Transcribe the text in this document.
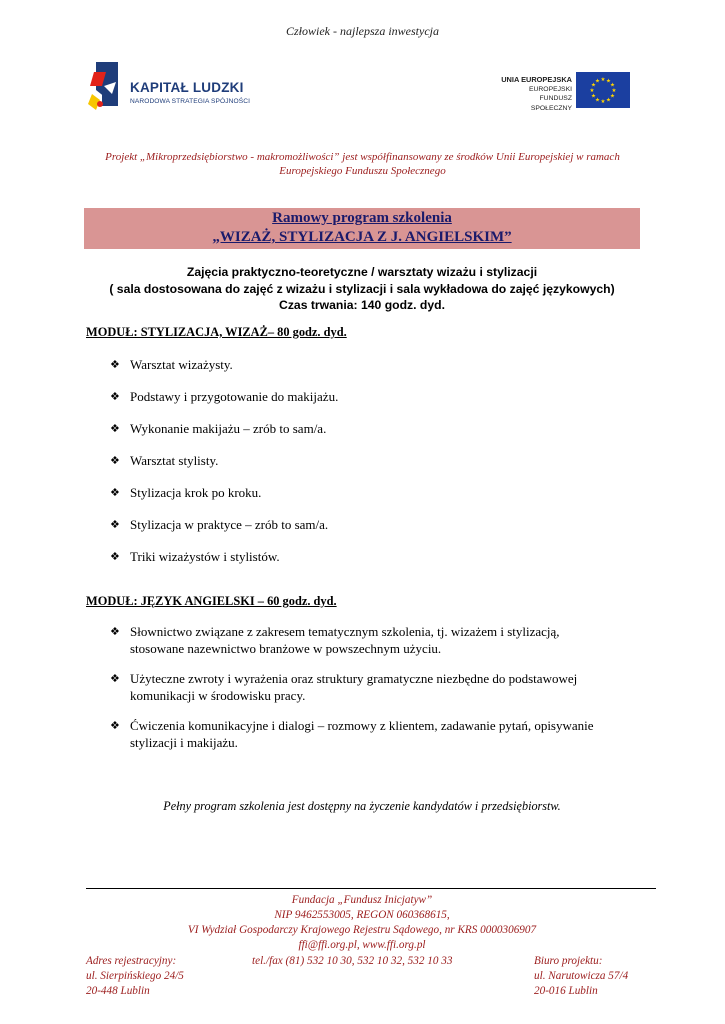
Człowiek - najlepsza inwestycja
KAPITAŁ LUDZKI
NARODOWA STRATEGIA SPÓJNOŚCI
UNIA EUROPEJSKA
EUROPEJSKI
FUNDUSZ SPOŁECZNY
★ ★
★
★
★
★
★
★
★
★
★
★
Projekt „Mikroprzedsiębiorstwo - makromożliwości” jest współfinansowany ze środków Unii Europejskiej w ramach
Europejskiego Funduszu Społecznego
Ramowy program szkolenia
„WIZAŻ, STYLIZACJA Z J. ANGIELSKIM”
Zajęcia praktyczno-teoretyczne / warsztaty wizażu i stylizacji
( sala dostosowana do zajęć z wizażu i stylizacji i sala wykładowa do zajęć językowych)
Czas trwania: 140 godz. dyd.
MODUŁ: STYLIZACJA, WIZAŻ– 80 godz. dyd.
❖ Warsztat wizażysty.
❖ Podstawy i przygotowanie do makijażu.
❖ Wykonanie makijażu – zrób to sam/a.
❖ Warsztat stylisty.
❖ Stylizacja krok po kroku.
❖ Stylizacja w praktyce – zrób to sam/a.
❖ Triki wizażystów i stylistów.
MODUŁ: JĘZYK ANGIELSKI – 60 godz. dyd.
❖ Słownictwo związane z zakresem tematycznym szkolenia, tj. wizażem i stylizacją,
stosowane nazewnictwo branżowe w powszechnym użyciu.
❖ Użyteczne zwroty i wyrażenia oraz struktury gramatyczne niezbędne do podstawowej
komunikacji w środowisku pracy.
❖ Ćwiczenia komunikacyjne i dialogi – rozmowy z klientem, zadawanie pytań, opisywanie
stylizacji i makijażu.
Pełny program szkolenia jest dostępny na życzenie kandydatów i przedsiębiorstw.
Fundacja „Fundusz Inicjatyw”
NIP 9462553005, REGON 060368615,
VI Wydział Gospodarczy Krajowego Rejestru Sądowego, nr KRS 0000306907
ffi@ffi.org.pl, www.ffi.org.pl
Adres rejestracyjny:
ul. Sierpińskiego 24/5
20-448 Lublin
tel./fax (81) 532 10 30, 532 10 32, 532 10 33	Biuro projektu:
ul. Narutowicza 57/4
20-016 Lublin
